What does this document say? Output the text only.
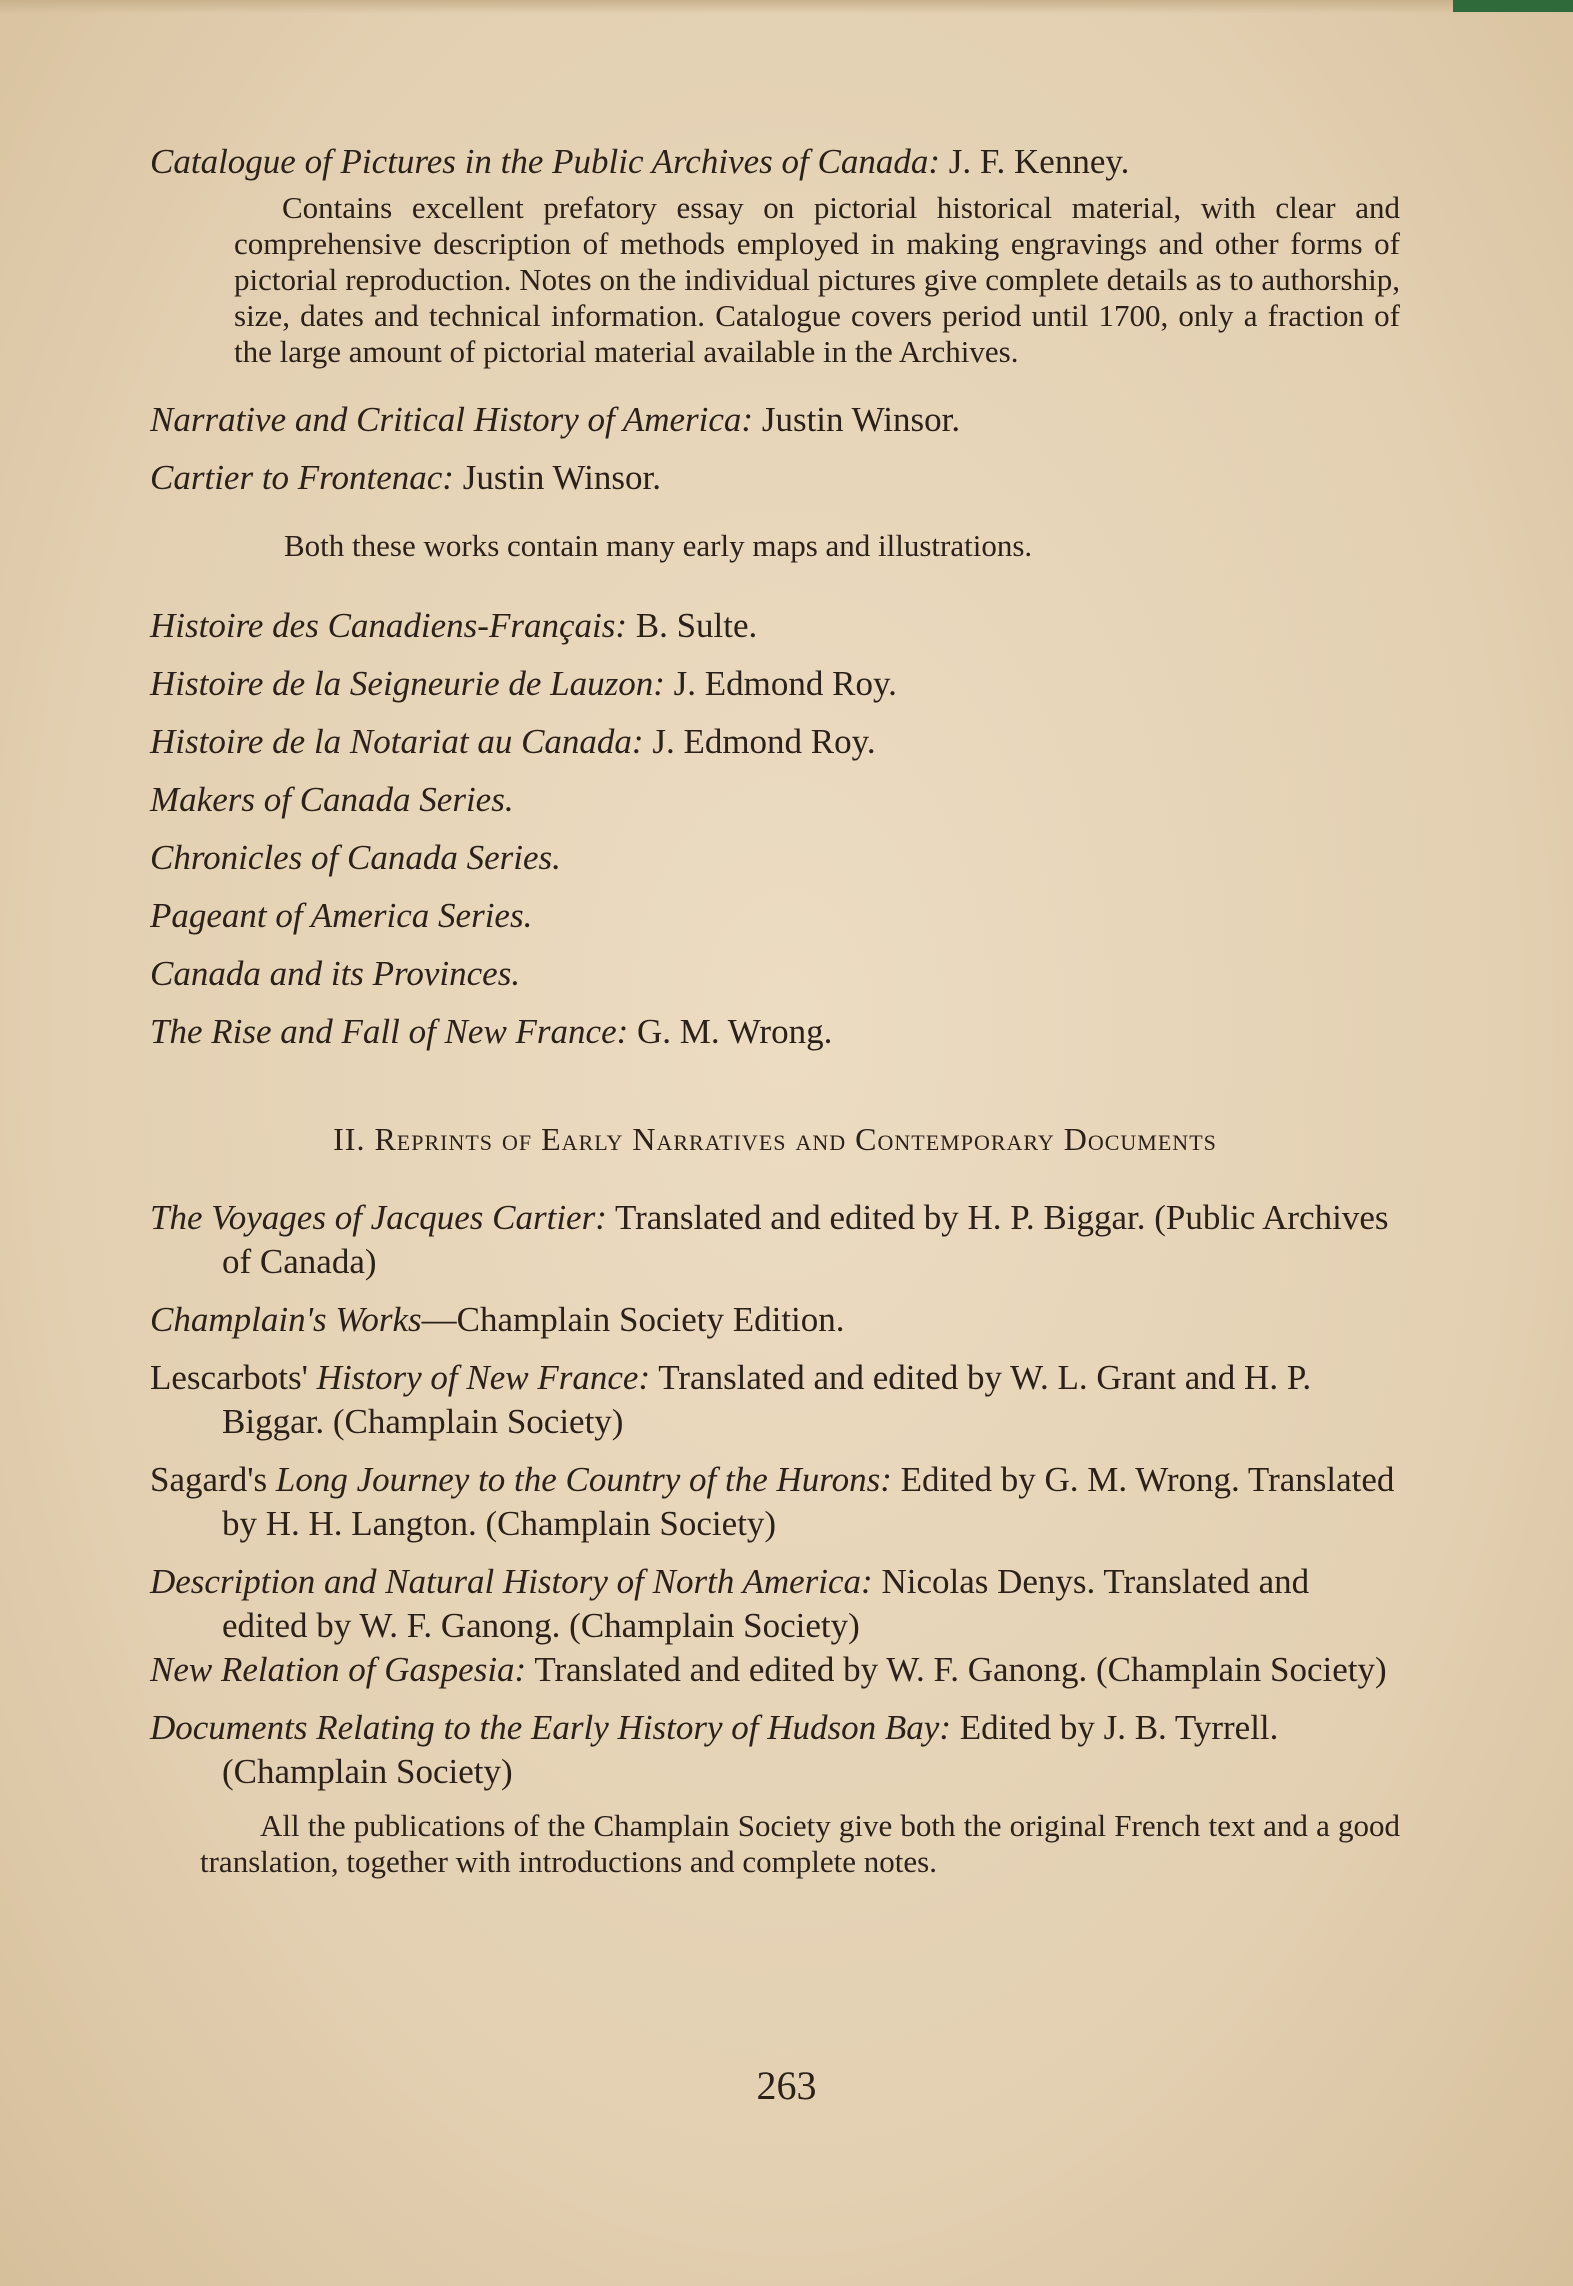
Catalogue of Pictures in the Public Archives of Canada: J. F. Kenney.

Contains excellent prefatory essay on pictorial historical material, with clear and comprehensive description of methods employed in making engravings and other forms of pictorial reproduction. Notes on the individual pictures give complete details as to authorship, size, dates and technical information. Catalogue covers period until 1700, only a fraction of the large amount of pictorial material available in the Archives.

Narrative and Critical History of America: Justin Winsor.

Cartier to Frontenac: Justin Winsor.

Both these works contain many early maps and illustrations.

Histoire des Canadiens-Français: B. Sulte.

Histoire de la Seigneurie de Lauzon: J. Edmond Roy.

Histoire de la Notariat au Canada: J. Edmond Roy.

Makers of Canada Series.

Chronicles of Canada Series.

Pageant of America Series.

Canada and its Provinces.

The Rise and Fall of New France: G. M. Wrong.

II. Reprints of Early Narratives and Contemporary Documents

The Voyages of Jacques Cartier: Translated and edited by H. P. Biggar. (Public Archives of Canada)

Champlain's Works—Champlain Society Edition.

Lescarbots' History of New France: Translated and edited by W. L. Grant and H. P. Biggar. (Champlain Society)

Sagard's Long Journey to the Country of the Hurons: Edited by G. M. Wrong. Translated by H. H. Langton. (Champlain Society)

Description and Natural History of North America: Nicolas Denys. Translated and edited by W. F. Ganong. (Champlain Society)

New Relation of Gaspesia: Translated and edited by W. F. Ganong. (Champlain Society)

Documents Relating to the Early History of Hudson Bay: Edited by J. B. Tyrrell. (Champlain Society)

All the publications of the Champlain Society give both the original French text and a good translation, together with introductions and complete notes.

263
